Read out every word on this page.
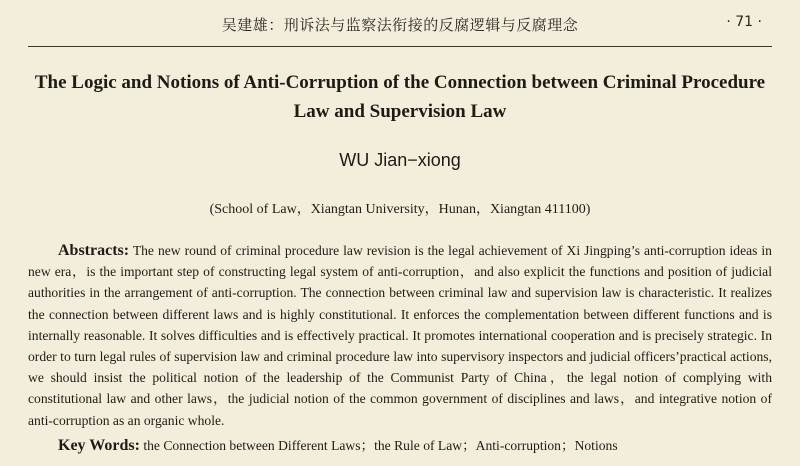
吴建雄：刑诉法与监察法衔接的反腐逻辑与反腐理念	· 71 ·
The Logic and Notions of Anti-Corruption of the Connection between Criminal Procedure Law and Supervision Law
WU Jian−xiong
(School of Law，Xiangtan University，Hunan，Xiangtan 411100)
Abstracts: The new round of criminal procedure law revision is the legal achievement of Xi Jingping’s anti-corruption ideas in new era，is the important step of constructing legal system of anti-corruption，and also explicit the functions and position of judicial authorities in the arrangement of anti-corruption. The connection between criminal law and supervision law is characteristic. It realizes the connection between different laws and is highly constitutional. It enforces the complementation between different functions and is internally reasonable. It solves difficulties and is effectively practical. It promotes international cooperation and is precisely strategic. In order to turn legal rules of supervision law and criminal procedure law into supervisory inspectors and judicial officers’practical actions, we should insist the political notion of the leadership of the Communist Party of China，the legal notion of complying with constitutional law and other laws，the judicial notion of the common government of disciplines and laws，and integrative notion of anti-corruption as an organic whole.
Key Words: the Connection between Different Laws；the Rule of Law；Anti-corruption；Notions
